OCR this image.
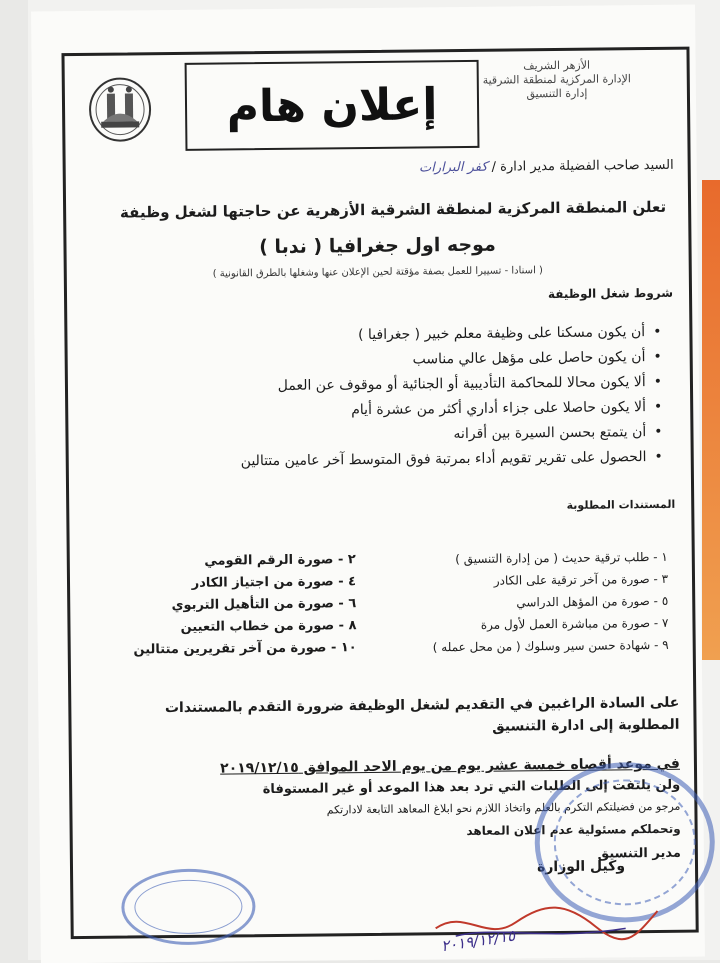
الأزهر الشريف
الإدارة المركزية لمنطقة الشرقية
إدارة التنسيق
إعلان هام
السيد صاحب الفضيلة مدير ادارة / كفر البرارات
تعلن المنطقة المركزية لمنطقة الشرقية الأزهرية عن حاجتها لشغل وظيفة
موجه اول جغرافيا ( ندبا )
( اسنادا - تسييرا للعمل بصفة مؤقتة لحين الإعلان عنها وشغلها بالطرق القانونية )
شروط شغل الوظيفة
• أن يكون مسكنا على وظيفة معلم خبير ( جغرافيا )
• أن يكون حاصل على مؤهل عالي مناسب
• ألا يكون محالا للمحاكمة التأديبية أو الجنائية أو موقوف عن العمل
• ألا يكون حاصلا على جزاء أداري أكثر من عشرة أيام
• أن يتمتع بحسن السيرة بين أقرانه
• الحصول على تقرير تقويم أداء بمرتبة فوق المتوسط آخر عامين متتالين
المستندات المطلوبة
١ - طلب ترقية حديث ( من إدارة التنسيق )
٣ - صورة من آخر ترقية على الكادر
٥ - صورة من المؤهل الدراسي
٧ - صورة من مباشرة العمل لأول مرة
٩ - شهادة حسن سير وسلوك ( من محل عمله )
٢ - صورة الرقم القومي
٤ - صورة من اجتياز الكادر
٦ - صورة من التأهيل التربوي
٨ - صورة من خطاب التعيين
١٠ - صورة من آخر تقريرين متتالين
على السادة الراغبين في التقديم لشغل الوظيفة ضرورة التقدم بالمستندات المطلوبة إلى ادارة التنسيق
في موعد أقصاه خمسة عشر يوم من يوم الاحد الموافق ٢٠١٩/١٢/١٥
ولن يلتفت إلى الطلبات التي ترد بعد هذا الموعد أو غير المستوفاة
مرجو من فضيلتكم التكرم بالعلم واتخاذ اللازم نحو ابلاغ المعاهد التابعة لادارتكم
وتحملكم مسئولية عدم اعلان المعاهد
مدير التنسيق
وكيل الوزارة
٢٠١٩/١٢/١٥
